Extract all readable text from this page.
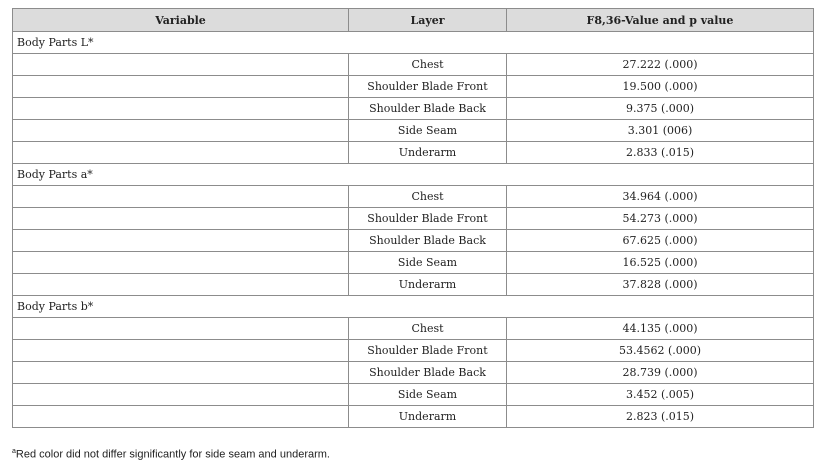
Variable	Layer	F8,36-Value and p value
Body Parts L*		
	Chest	27.222 (.000)
	Shoulder Blade Front	19.500 (.000)
	Shoulder Blade Back	9.375 (.000)
	Side Seam	3.301 (006)
	Underarm	2.833 (.015)
Body Parts a*		
	Chest	34.964 (.000)
	Shoulder Blade Front	54.273 (.000)
	Shoulder Blade Back	67.625 (.000)
	Side Seam	16.525 (.000)
	Underarm	37.828 (.000)
Body Parts b*		
	Chest	44.135 (.000)
	Shoulder Blade Front	53.4562 (.000)
	Shoulder Blade Back	28.739 (.000)
	Side Seam	3.452 (.005)
	Underarm	2.823 (.015)
$^a$Red color did not differ significantly for side seam and underarm.
